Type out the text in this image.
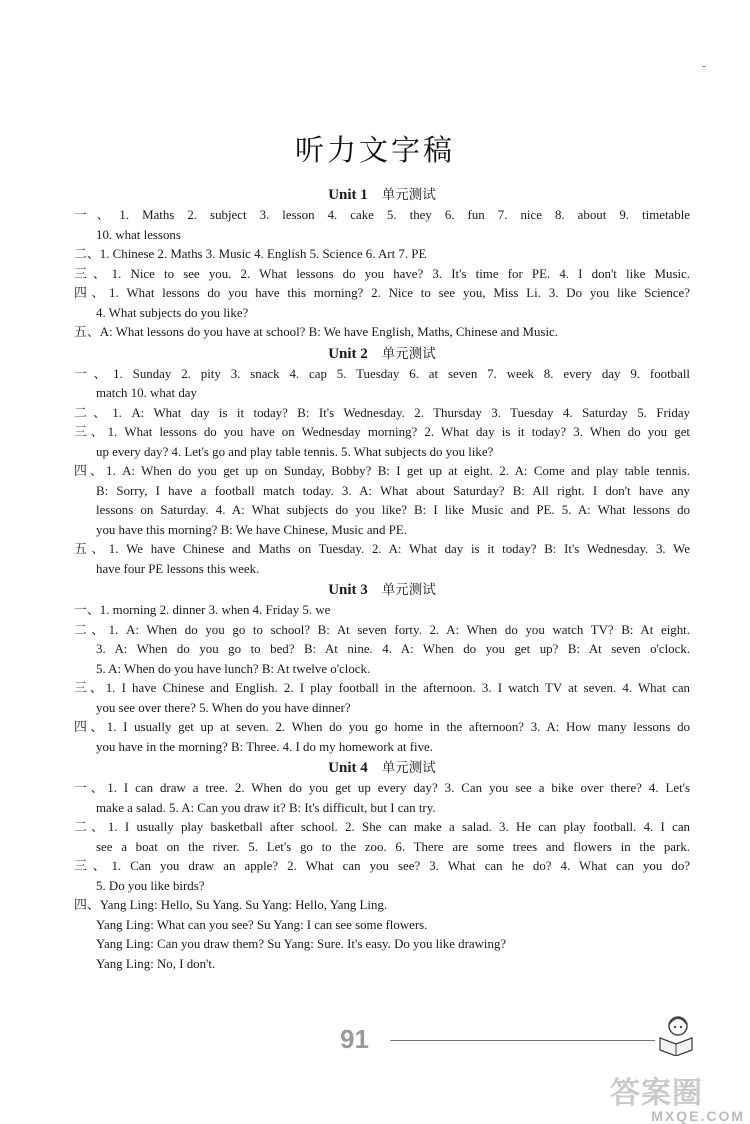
听力文字稿
Unit 1 单元测试
一、1. Maths 2. subject 3. lesson 4. cake 5. they 6. fun 7. nice 8. about 9. timetable
10. what lessons
二、1. Chinese 2. Maths 3. Music 4. English 5. Science 6. Art 7. PE
三、1. Nice to see you. 2. What lessons do you have? 3. It's time for PE. 4. I don't like Music.
四、1. What lessons do you have this morning? 2. Nice to see you, Miss Li. 3. Do you like Science?
4. What subjects do you like?
五、A: What lessons do you have at school? B: We have English, Maths, Chinese and Music.
Unit 2 单元测试
一、1. Sunday 2. pity 3. snack 4. cap 5. Tuesday 6. at seven 7. week 8. every day 9. football
match 10. what day
二、1. A: What day is it today? B: It's Wednesday. 2. Thursday 3. Tuesday 4. Saturday 5. Friday
三、1. What lessons do you have on Wednesday morning? 2. What day is it today? 3. When do you get
up every day? 4. Let's go and play table tennis. 5. What subjects do you like?
四、1. A: When do you get up on Sunday, Bobby? B: I get up at eight. 2. A: Come and play table tennis.
B: Sorry, I have a football match today. 3. A: What about Saturday? B: All right. I don't have any
lessons on Saturday. 4. A: What subjects do you like? B: I like Music and PE. 5. A: What lessons do
you have this morning? B: We have Chinese, Music and PE.
五、1. We have Chinese and Maths on Tuesday. 2. A: What day is it today? B: It's Wednesday. 3. We
have four PE lessons this week.
Unit 3 单元测试
一、1. morning 2. dinner 3. when 4. Friday 5. we
二、1. A: When do you go to school? B: At seven forty. 2. A: When do you watch TV? B: At eight.
3. A: When do you go to bed? B: At nine. 4. A: When do you get up? B: At seven o'clock.
5. A: When do you have lunch? B: At twelve o'clock.
三、1. I have Chinese and English. 2. I play football in the afternoon. 3. I watch TV at seven. 4. What can
you see over there? 5. When do you have dinner?
四、1. I usually get up at seven. 2. When do you go home in the afternoon? 3. A: How many lessons do
you have in the morning? B: Three. 4. I do my homework at five.
Unit 4 单元测试
一、1. I can draw a tree. 2. When do you get up every day? 3. Can you see a bike over there? 4. Let's
make a salad. 5. A: Can you draw it? B: It's difficult, but I can try.
二、1. I usually play basketball after school. 2. She can make a salad. 3. He can play football. 4. I can
see a boat on the river. 5. Let's go to the zoo. 6. There are some trees and flowers in the park.
三、1. Can you draw an apple? 2. What can you see? 3. What can he do? 4. What can you do?
5. Do you like birds?
四、Yang Ling: Hello, Su Yang. Su Yang: Hello, Yang Ling.
Yang Ling: What can you see? Su Yang: I can see some flowers.
Yang Ling: Can you draw them? Su Yang: Sure. It's easy. Do you like drawing?
Yang Ling: No, I don't.
91
答案圈
MXQE.COM
